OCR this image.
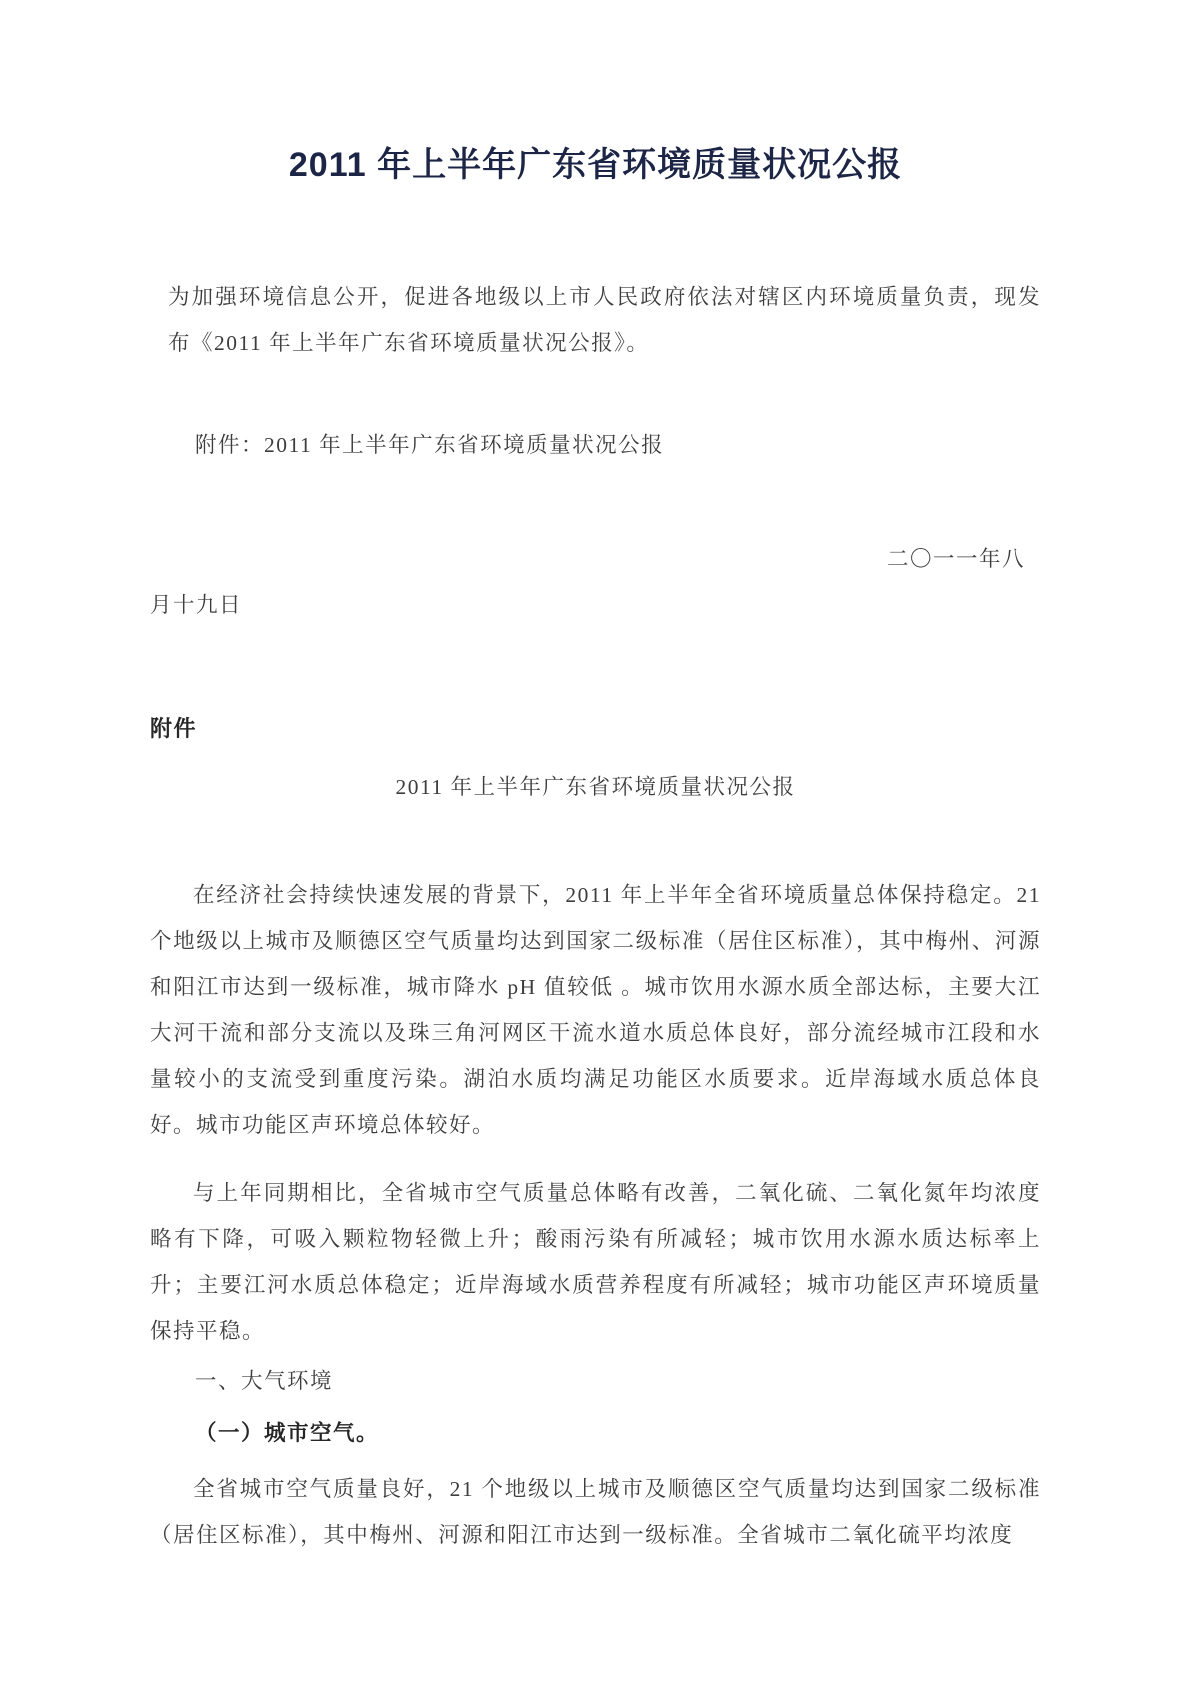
2011 年上半年广东省环境质量状况公报

为加强环境信息公开，促进各地级以上市人民政府依法对辖区内环境质量负责，现发布《2011 年上半年广东省环境质量状况公报》。

附件：2011 年上半年广东省环境质量状况公报

二〇一一年八
月十九日
附件
2011 年上半年广东省环境质量状况公报

在经济社会持续快速发展的背景下，2011 年上半年全省环境质量总体保持稳定。21 个地级以上城市及顺德区空气质量均达到国家二级标准（居住区标准），其中梅州、河源和阳江市达到一级标准，城市降水 pH 值较低 。城市饮用水源水质全部达标，主要大江大河干流和部分支流以及珠三角河网区干流水道水质总体良好，部分流经城市江段和水量较小的支流受到重度污染。湖泊水质均满足功能区水质要求。近岸海域水质总体良好。城市功能区声环境总体较好。

与上年同期相比，全省城市空气质量总体略有改善，二氧化硫、二氧化氮年均浓度略有下降，可吸入颗粒物轻微上升；酸雨污染有所减轻；城市饮用水源水质达标率上升；主要江河水质总体稳定；近岸海域水质营养程度有所减轻；城市功能区声环境质量保持平稳。

一、大气环境
（一）城市空气。

全省城市空气质量良好，21 个地级以上城市及顺德区空气质量均达到国家二级标准（居住区标准），其中梅州、河源和阳江市达到一级标准。全省城市二氧化硫平均浓度
